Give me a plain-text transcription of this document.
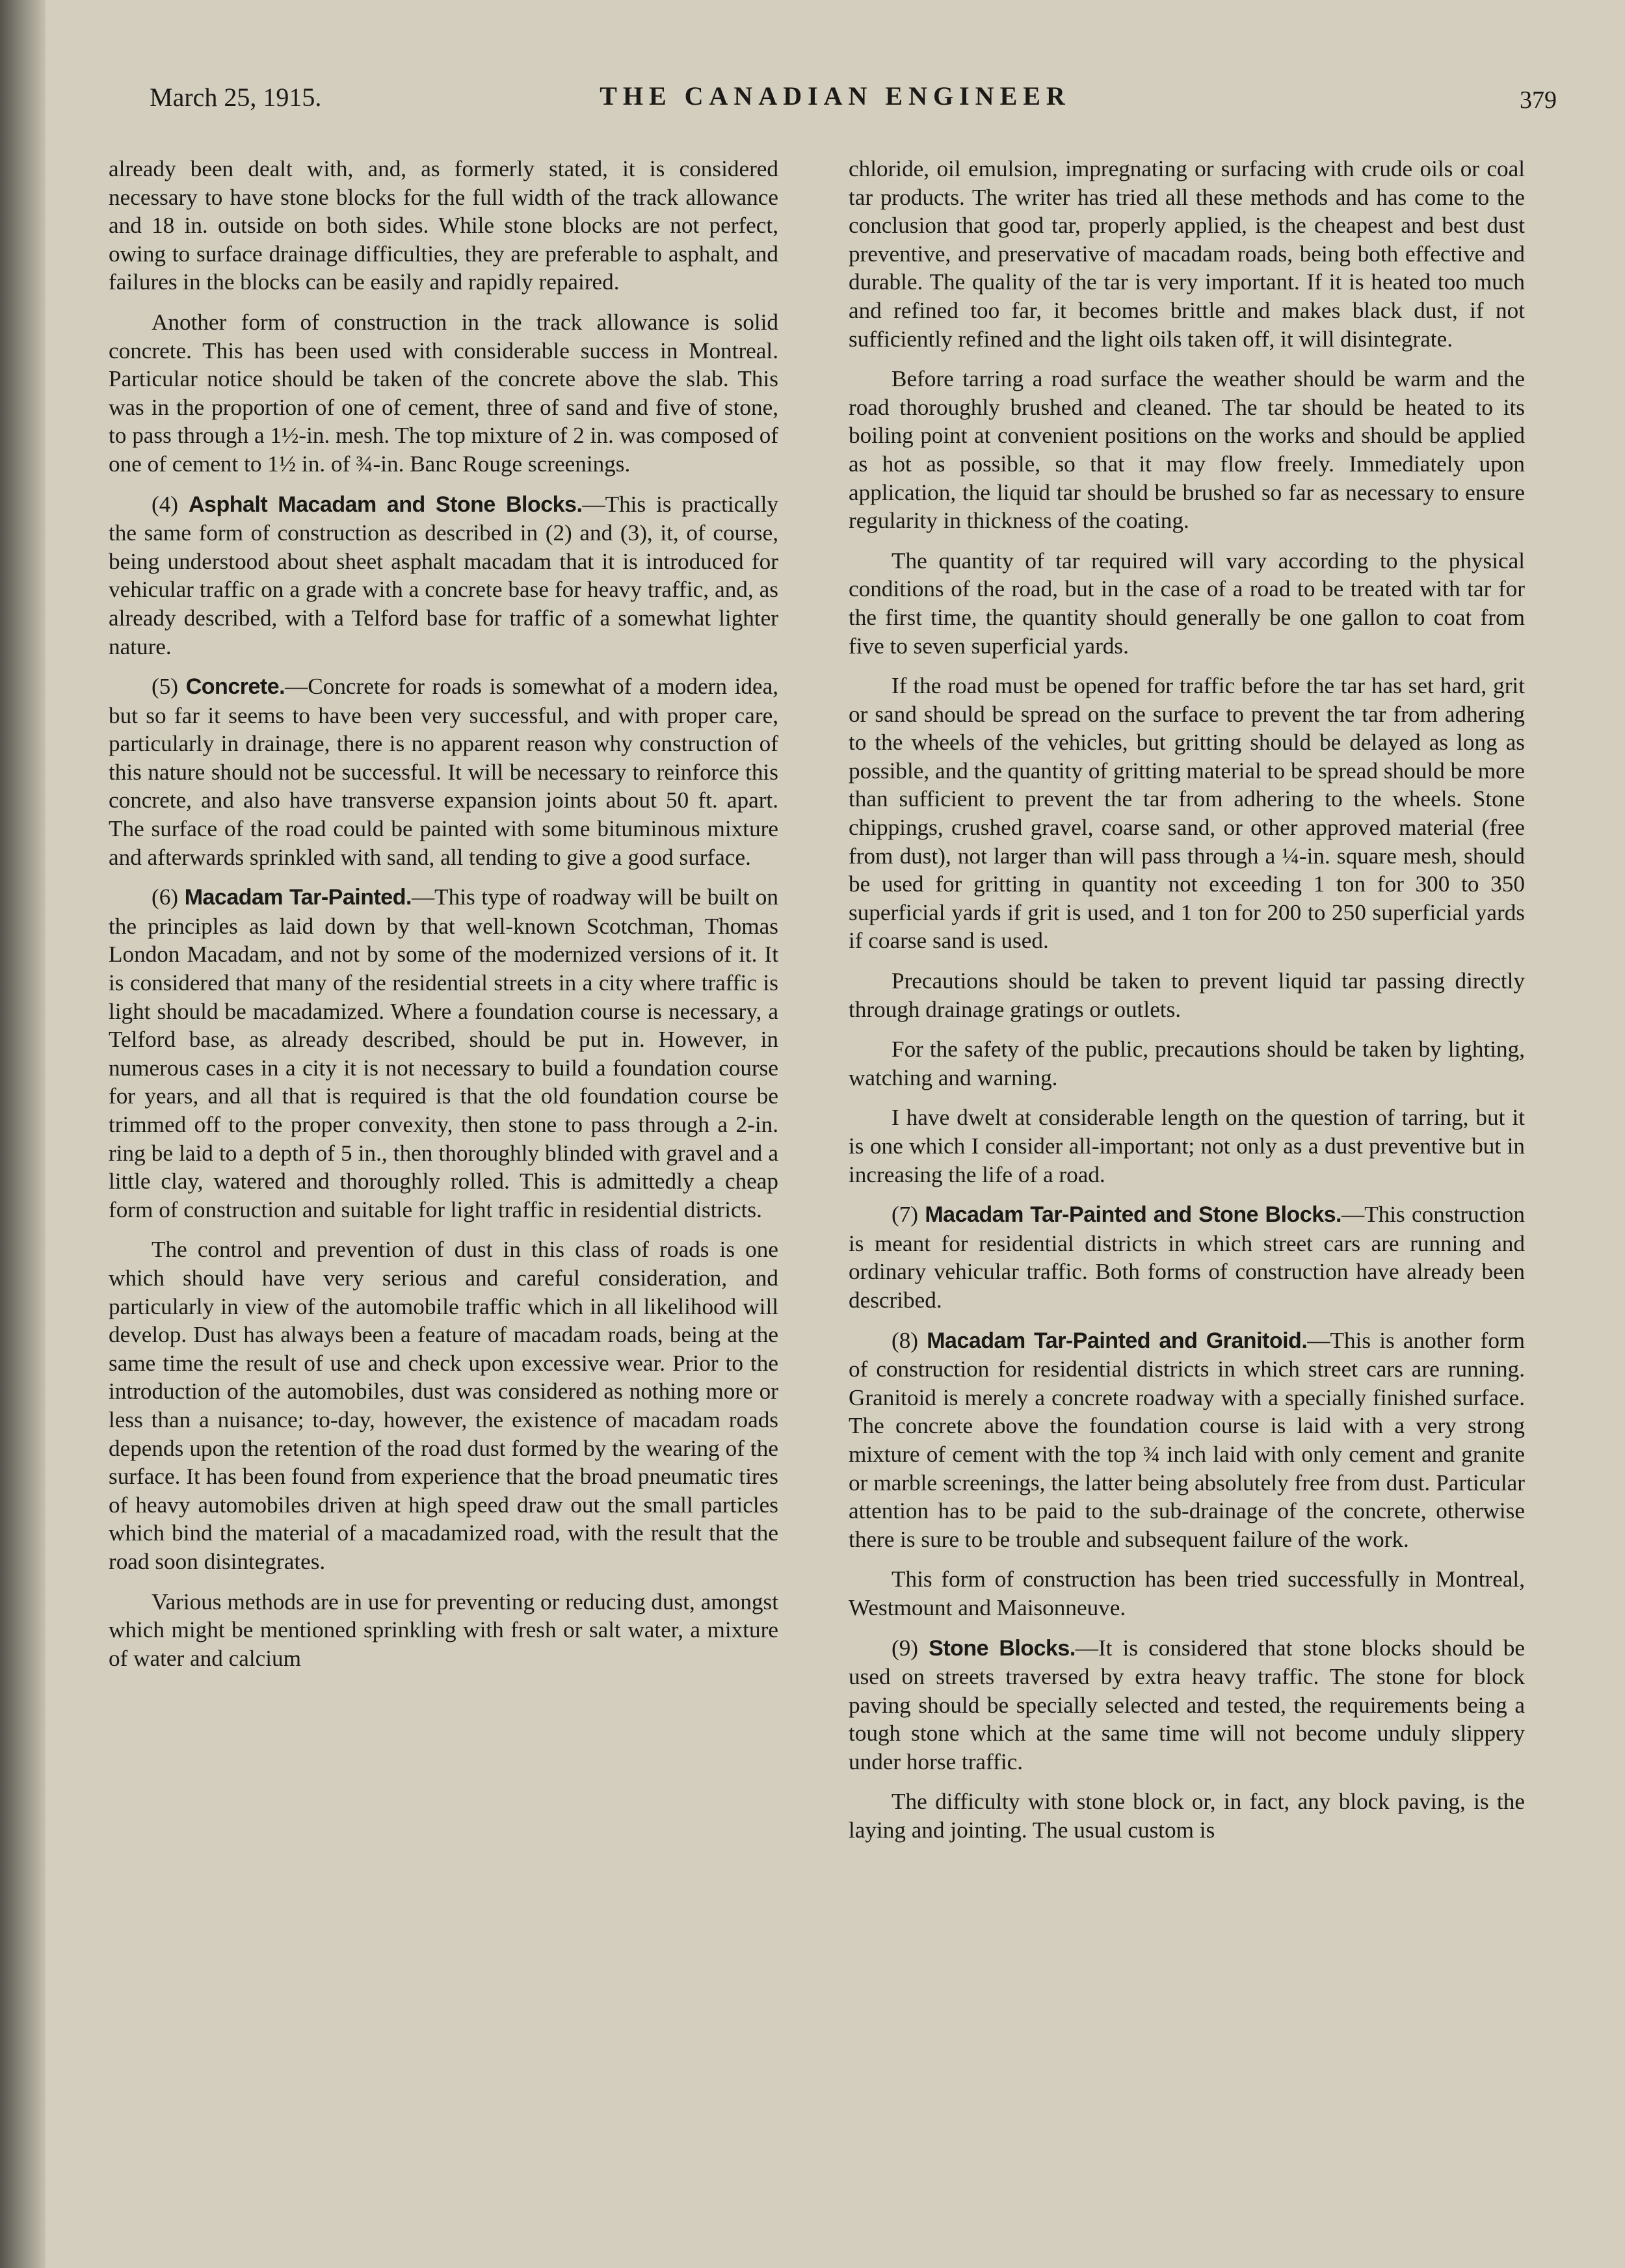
March 25, 1915.	THE CANADIAN ENGINEER	379

already been dealt with, and, as formerly stated, it is considered necessary to have stone blocks for the full width of the track allowance and 18 in. outside on both sides. While stone blocks are not perfect, owing to surface drainage difficulties, they are preferable to asphalt, and failures in the blocks can be easily and rapidly repaired.

Another form of construction in the track allowance is solid concrete. This has been used with considerable success in Montreal. Particular notice should be taken of the concrete above the slab. This was in the proportion of one of cement, three of sand and five of stone, to pass through a 1½-in. mesh. The top mixture of 2 in. was composed of one of cement to 1½ in. of ¾-in. Banc Rouge screenings.

(4) Asphalt Macadam and Stone Blocks.—This is practically the same form of construction as described in (2) and (3), it, of course, being understood about sheet asphalt macadam that it is introduced for vehicular traffic on a grade with a concrete base for heavy traffic, and, as already described, with a Telford base for traffic of a somewhat lighter nature.

(5) Concrete.—Concrete for roads is somewhat of a modern idea, but so far it seems to have been very successful, and with proper care, particularly in drainage, there is no apparent reason why construction of this nature should not be successful. It will be necessary to reinforce this concrete, and also have transverse expansion joints about 50 ft. apart. The surface of the road could be painted with some bituminous mixture and afterwards sprinkled with sand, all tending to give a good surface.

(6) Macadam Tar-Painted.—This type of roadway will be built on the principles as laid down by that well-known Scotchman, Thomas London Macadam, and not by some of the modernized versions of it. It is considered that many of the residential streets in a city where traffic is light should be macadamized. Where a foundation course is necessary, a Telford base, as already described, should be put in. However, in numerous cases in a city it is not necessary to build a foundation course for years, and all that is required is that the old foundation course be trimmed off to the proper convexity, then stone to pass through a 2-in. ring be laid to a depth of 5 in., then thoroughly blinded with gravel and a little clay, watered and thoroughly rolled. This is admittedly a cheap form of construction and suitable for light traffic in residential districts.

The control and prevention of dust in this class of roads is one which should have very serious and careful consideration, and particularly in view of the automobile traffic which in all likelihood will develop. Dust has always been a feature of macadam roads, being at the same time the result of use and check upon excessive wear. Prior to the introduction of the automobiles, dust was considered as nothing more or less than a nuisance; to-day, however, the existence of macadam roads depends upon the retention of the road dust formed by the wearing of the surface. It has been found from experience that the broad pneumatic tires of heavy automobiles driven at high speed draw out the small particles which bind the material of a macadamized road, with the result that the road soon disintegrates.

Various methods are in use for preventing or reducing dust, amongst which might be mentioned sprinkling with fresh or salt water, a mixture of water and calcium

chloride, oil emulsion, impregnating or surfacing with crude oils or coal tar products. The writer has tried all these methods and has come to the conclusion that good tar, properly applied, is the cheapest and best dust preventive, and preservative of macadam roads, being both effective and durable. The quality of the tar is very important. If it is heated too much and refined too far, it becomes brittle and makes black dust, if not sufficiently refined and the light oils taken off, it will disintegrate.

Before tarring a road surface the weather should be warm and the road thoroughly brushed and cleaned. The tar should be heated to its boiling point at convenient positions on the works and should be applied as hot as possible, so that it may flow freely. Immediately upon application, the liquid tar should be brushed so far as necessary to ensure regularity in thickness of the coating.

The quantity of tar required will vary according to the physical conditions of the road, but in the case of a road to be treated with tar for the first time, the quantity should generally be one gallon to coat from five to seven superficial yards.

If the road must be opened for traffic before the tar has set hard, grit or sand should be spread on the surface to prevent the tar from adhering to the wheels of the vehicles, but gritting should be delayed as long as possible, and the quantity of gritting material to be spread should be more than sufficient to prevent the tar from adhering to the wheels. Stone chippings, crushed gravel, coarse sand, or other approved material (free from dust), not larger than will pass through a ¼-in. square mesh, should be used for gritting in quantity not exceeding 1 ton for 300 to 350 superficial yards if grit is used, and 1 ton for 200 to 250 superficial yards if coarse sand is used.

Precautions should be taken to prevent liquid tar passing directly through drainage gratings or outlets.

For the safety of the public, precautions should be taken by lighting, watching and warning.

I have dwelt at considerable length on the question of tarring, but it is one which I consider all-important; not only as a dust preventive but in increasing the life of a road.

(7) Macadam Tar-Painted and Stone Blocks.—This construction is meant for residential districts in which street cars are running and ordinary vehicular traffic. Both forms of construction have already been described.

(8) Macadam Tar-Painted and Granitoid.—This is another form of construction for residential districts in which street cars are running. Granitoid is merely a concrete roadway with a specially finished surface. The concrete above the foundation course is laid with a very strong mixture of cement with the top ¾ inch laid with only cement and granite or marble screenings, the latter being absolutely free from dust. Particular attention has to be paid to the sub-drainage of the concrete, otherwise there is sure to be trouble and subsequent failure of the work.

This form of construction has been tried successfully in Montreal, Westmount and Maisonneuve.

(9) Stone Blocks.—It is considered that stone blocks should be used on streets traversed by extra heavy traffic. The stone for block paving should be specially selected and tested, the requirements being a tough stone which at the same time will not become unduly slippery under horse traffic.

The difficulty with stone block or, in fact, any block paving, is the laying and jointing. The usual custom is
